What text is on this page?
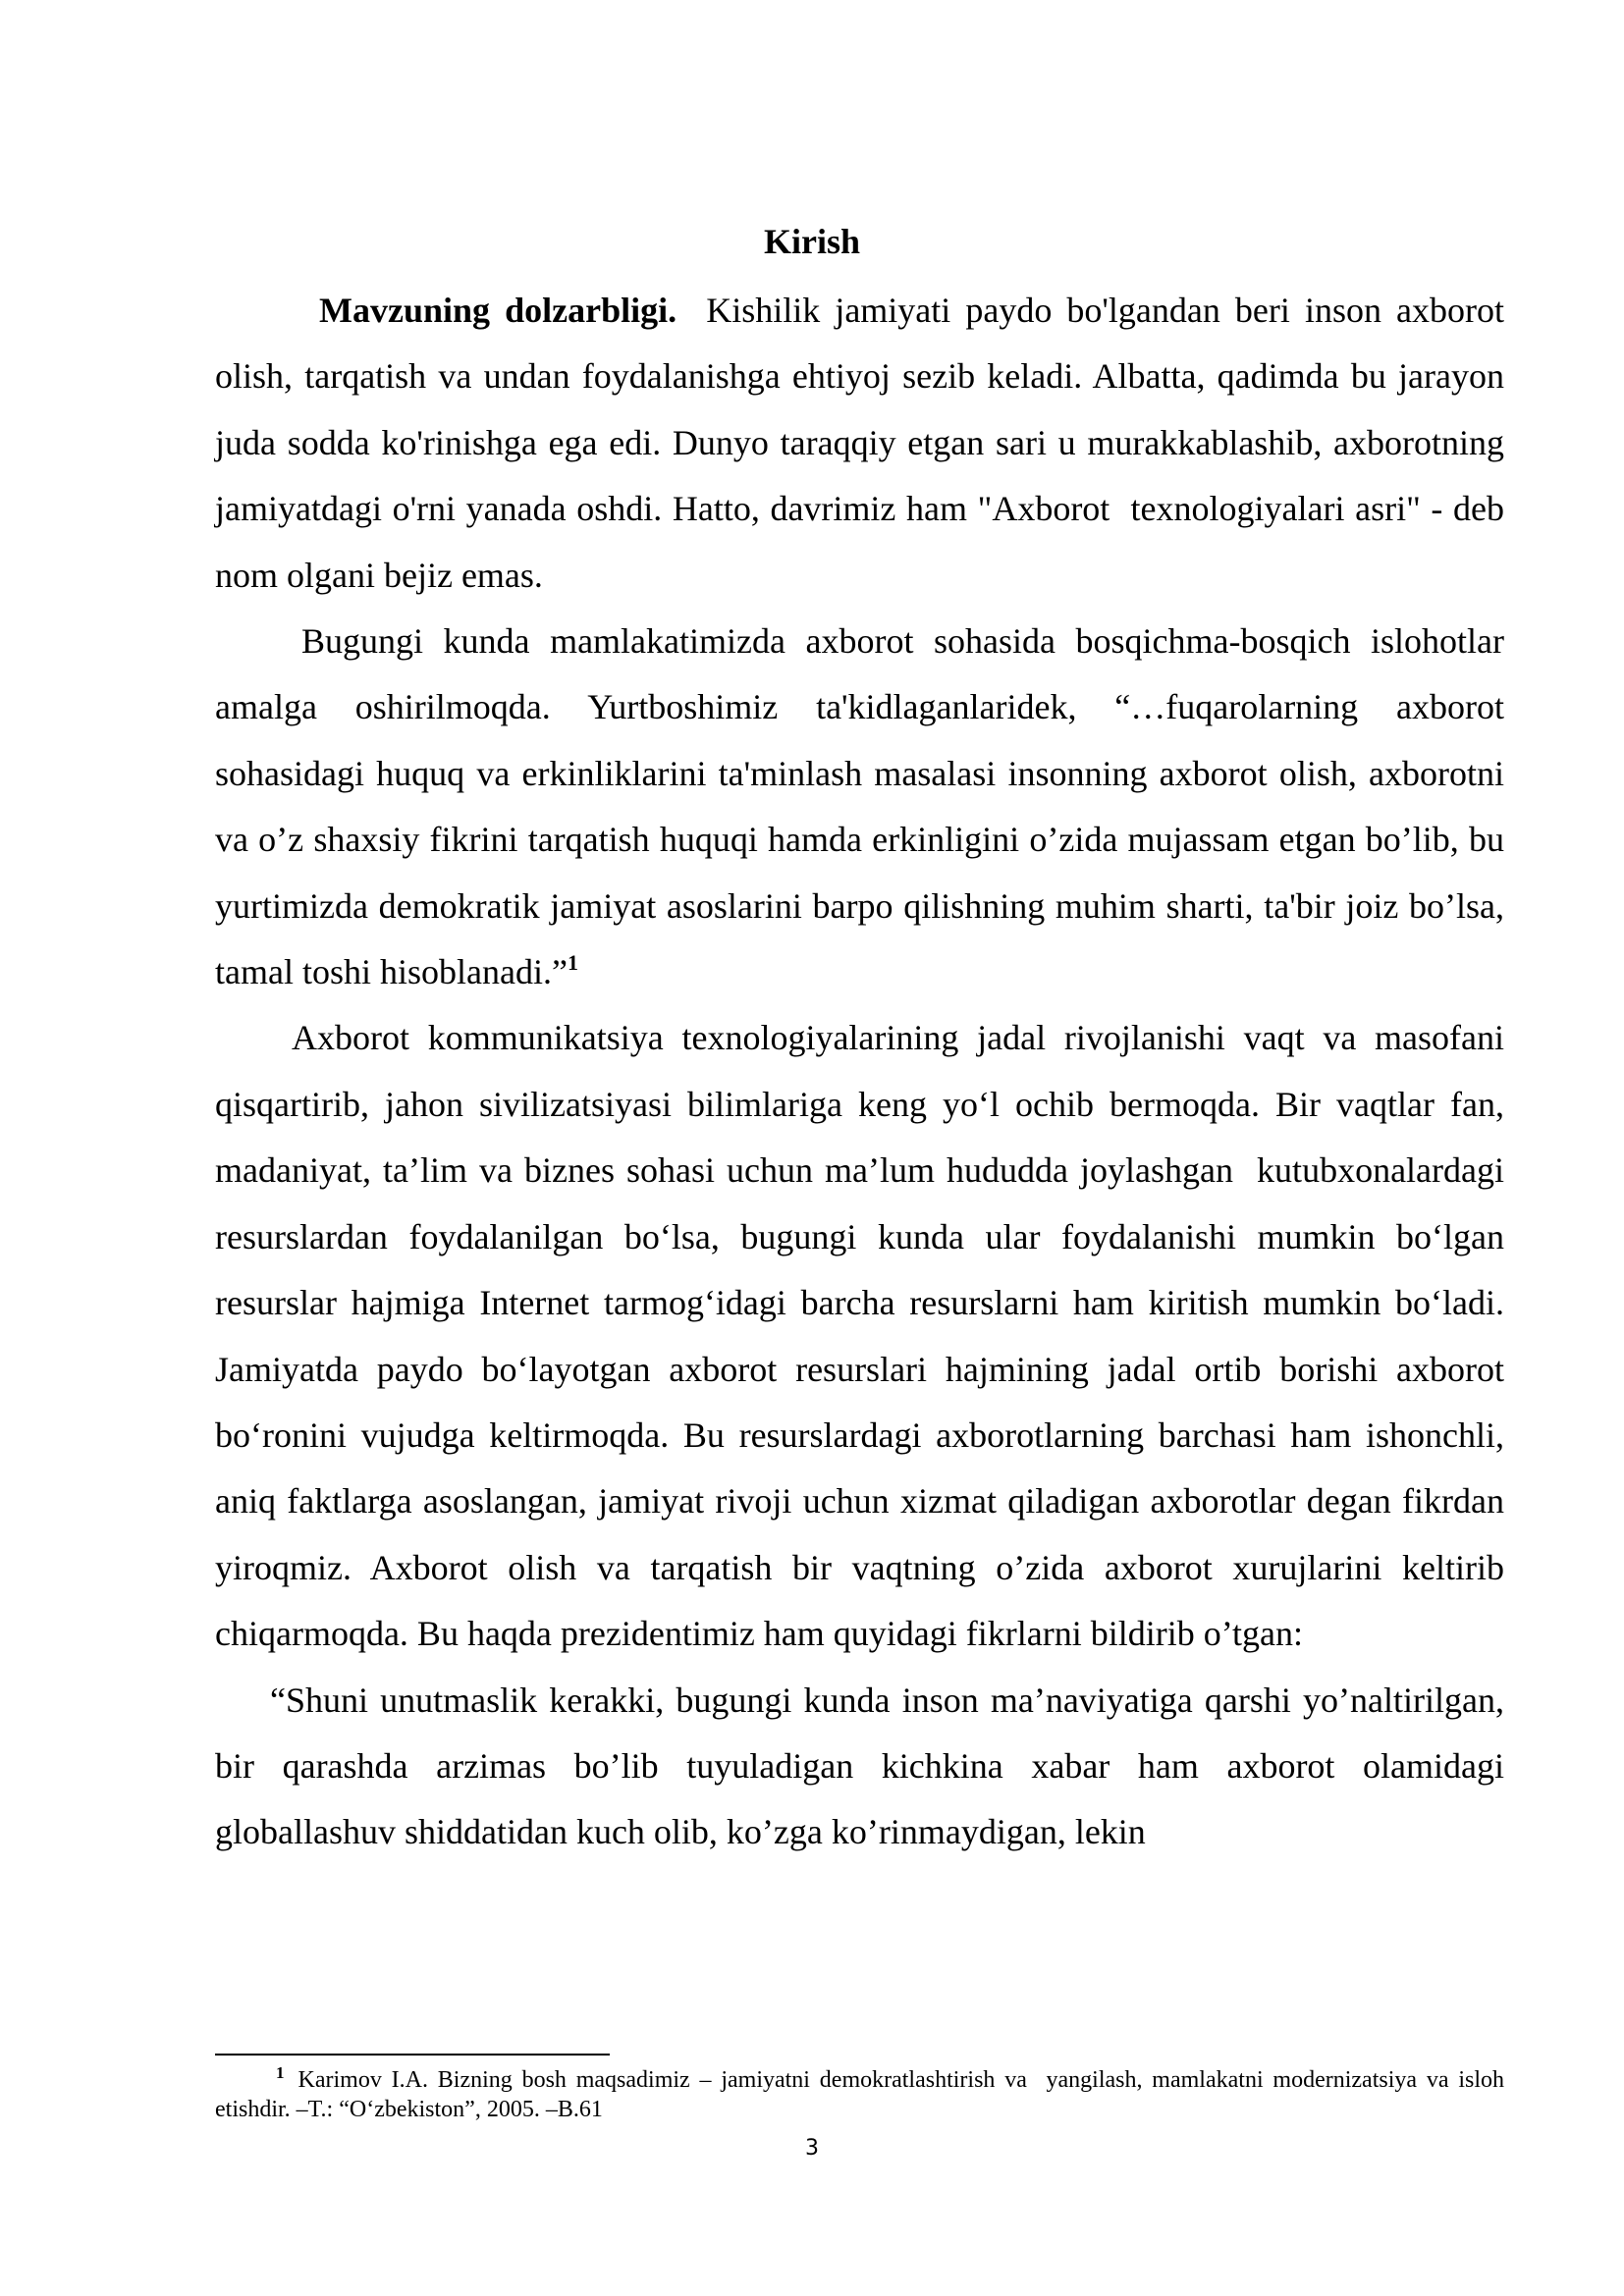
Kirish

Mavzuning dolzarbligi.  Kishilik jamiyati paydo bo'lgandan beri inson axborot olish, tarqatish va undan foydalanishga ehtiyoj sezib keladi. Albatta, qadimda bu jarayon juda sodda ko'rinishga ega edi. Dunyo taraqqiy etgan sari u murakkablashib, axborotning jamiyatdagi o'rni yanada oshdi. Hatto, davrimiz ham "Axborot  texnologiyalari asri" - deb nom olgani bejiz emas.

Bugungi kunda mamlakatimizda axborot sohasida bosqichma-bosqich islohotlar amalga oshirilmoqda. Yurtboshimiz ta'kidlaganlaridek, “…fuqarolarning axborot sohasidagi huquq va erkinliklarini ta'minlash masalasi insonning axborot olish, axborotni va o’z shaxsiy fikrini tarqatish huquqi hamda erkinligini o’zida mujassam etgan bo’lib, bu yurtimizda demokratik jamiyat asoslarini barpo qilishning muhim sharti, ta'bir joiz bo’lsa, tamal toshi hisoblanadi.”$^1$

Axborot kommunikatsiya texnologiyalarining jadal rivojlanishi vaqt va masofani qisqartirib, jahon sivilizatsiyasi bilimlariga keng yo‘l ochib bermoqda. Bir vaqtlar fan, madaniyat, ta’lim va biznes sohasi uchun ma’lum hududda joylashgan  kutubxonalardagi resurslardan foydalanilgan bo‘lsa, bugungi kunda ular foydalanishi mumkin bo‘lgan resurslar hajmiga Internet tarmog‘idagi barcha resurslarni ham kiritish mumkin bo‘ladi. Jamiyatda paydo bo‘layotgan axborot resurslari hajmining jadal ortib borishi axborot bo‘ronini vujudga keltirmoqda. Bu resurslardagi axborotlarning barchasi ham ishonchli, aniq faktlarga asoslangan, jamiyat rivoji uchun xizmat qiladigan axborotlar degan fikrdan yiroqmiz. Axborot olish va tarqatish bir vaqtning o’zida axborot xurujlarini keltirib chiqarmoqda. Bu haqda prezidentimiz ham quyidagi fikrlarni bildirib o’tgan:

“Shuni unutmaslik kerakki, bugungi kunda inson ma’naviyatiga qarshi yo’naltirilgan, bir qarashda arzimas bo’lib tuyuladigan kichkina xabar ham axborot olamidagi globallashuv shiddatidan kuch olib, ko’zga ko’rinmaydigan, lekin

$^1$ Karimov I.A. Bizning bosh maqsadimiz – jamiyatni demokratlashtirish va  yangilash, mamlakatni modernizatsiya va isloh etishdir. –T.: “O‘zbekiston”, 2005. –B.61

3
